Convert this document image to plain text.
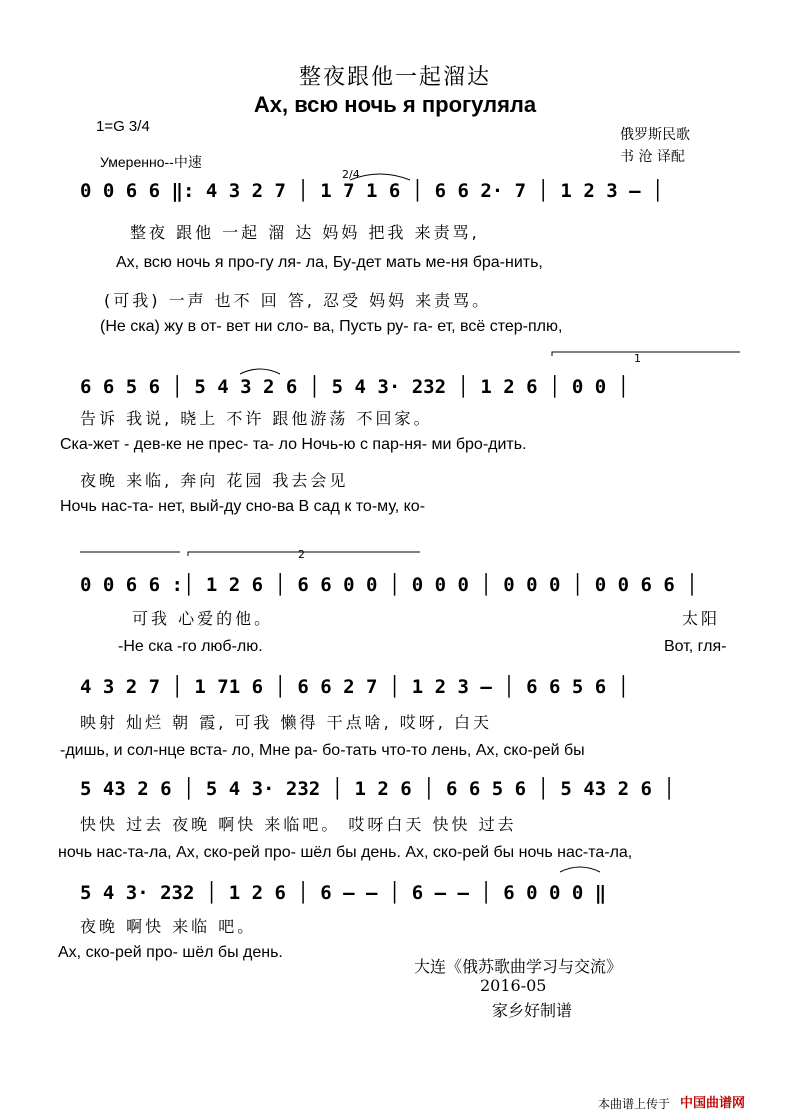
整夜跟他一起溜达
Ах, всю ночь я прогуляла
1=G 3/4	俄罗斯民歌
书 沧 译配
Умеренно--中速
0 0 6 6 ‖: 4 3 2 7 │ 1 7 1 6 │ 6 6 2· 7 │ 1 2 3 – │
整夜 跟他 一起 溜 达 妈妈 把我 来责骂,
Ах, всю ночь я про-гу ля- ла, Бу-дет мать ме-ня бра-нить,
(可我) 一声 也不 回 答, 忍受 妈妈 来责骂。
(Не ска) жу в от- вет ни сло- ва, Пусть ру- га- ет, всё стер-плю,
6 6 5 6 │ 5 4 3 2 6 │ 5 4 3· 232 │ 1 2 6 │ 0 0 │
告诉 我说, 晓上 不许 跟他游荡 不回家。
Ска-жет - дев-ке не прес- та- ло Ночь-ю с пар-ня- ми бро-дить.
夜晚 来临, 奔向 花园 我去会见
Ночь нас-та- нет, вый-ду сно-ва В сад к то-му, ко-
0 0 6 6 :│ 1 2 6 │ 6 6 0 0 │ 0 0 0 │ 0 0 0 │ 0 0 6 6 │
可我 心爱的他。
-Не ска -го люб-лю.
太阳
Вот, гля-
4 3 2 7 │ 1 71 6 │ 6 6 2 7 │ 1 2 3 – │ 6 6 5 6 │
映射 灿烂 朝 霞, 可我 懒得 干点啥, 哎呀, 白天
-дишь, и сол-нце вста- ло, Мне ра- бо-тать что-то лень, Ах, ско-рей бы
5 43 2 6 │ 5 4 3· 232 │ 1 2 6 │ 6 6 5 6 │ 5 43 2 6 │
快快 过去 夜晚 啊快 来临吧。 哎呀白天 快快 过去
ночь нас-та-ла, Ах, ско-рей про- шёл бы день. Ах, ско-рей бы ночь нас-та-ла,
5 4 3· 232 │ 1 2 6 │ 6 – – │ 6 – – │ 6 0 0 0 ‖
夜晚 啊快 来临 吧。
Ах, ско-рей про- шёл бы день.
大连《俄苏歌曲学习与交流》
2016-05
家乡好制谱
本曲谱上传于 中国曲谱网
2/4
1
2
